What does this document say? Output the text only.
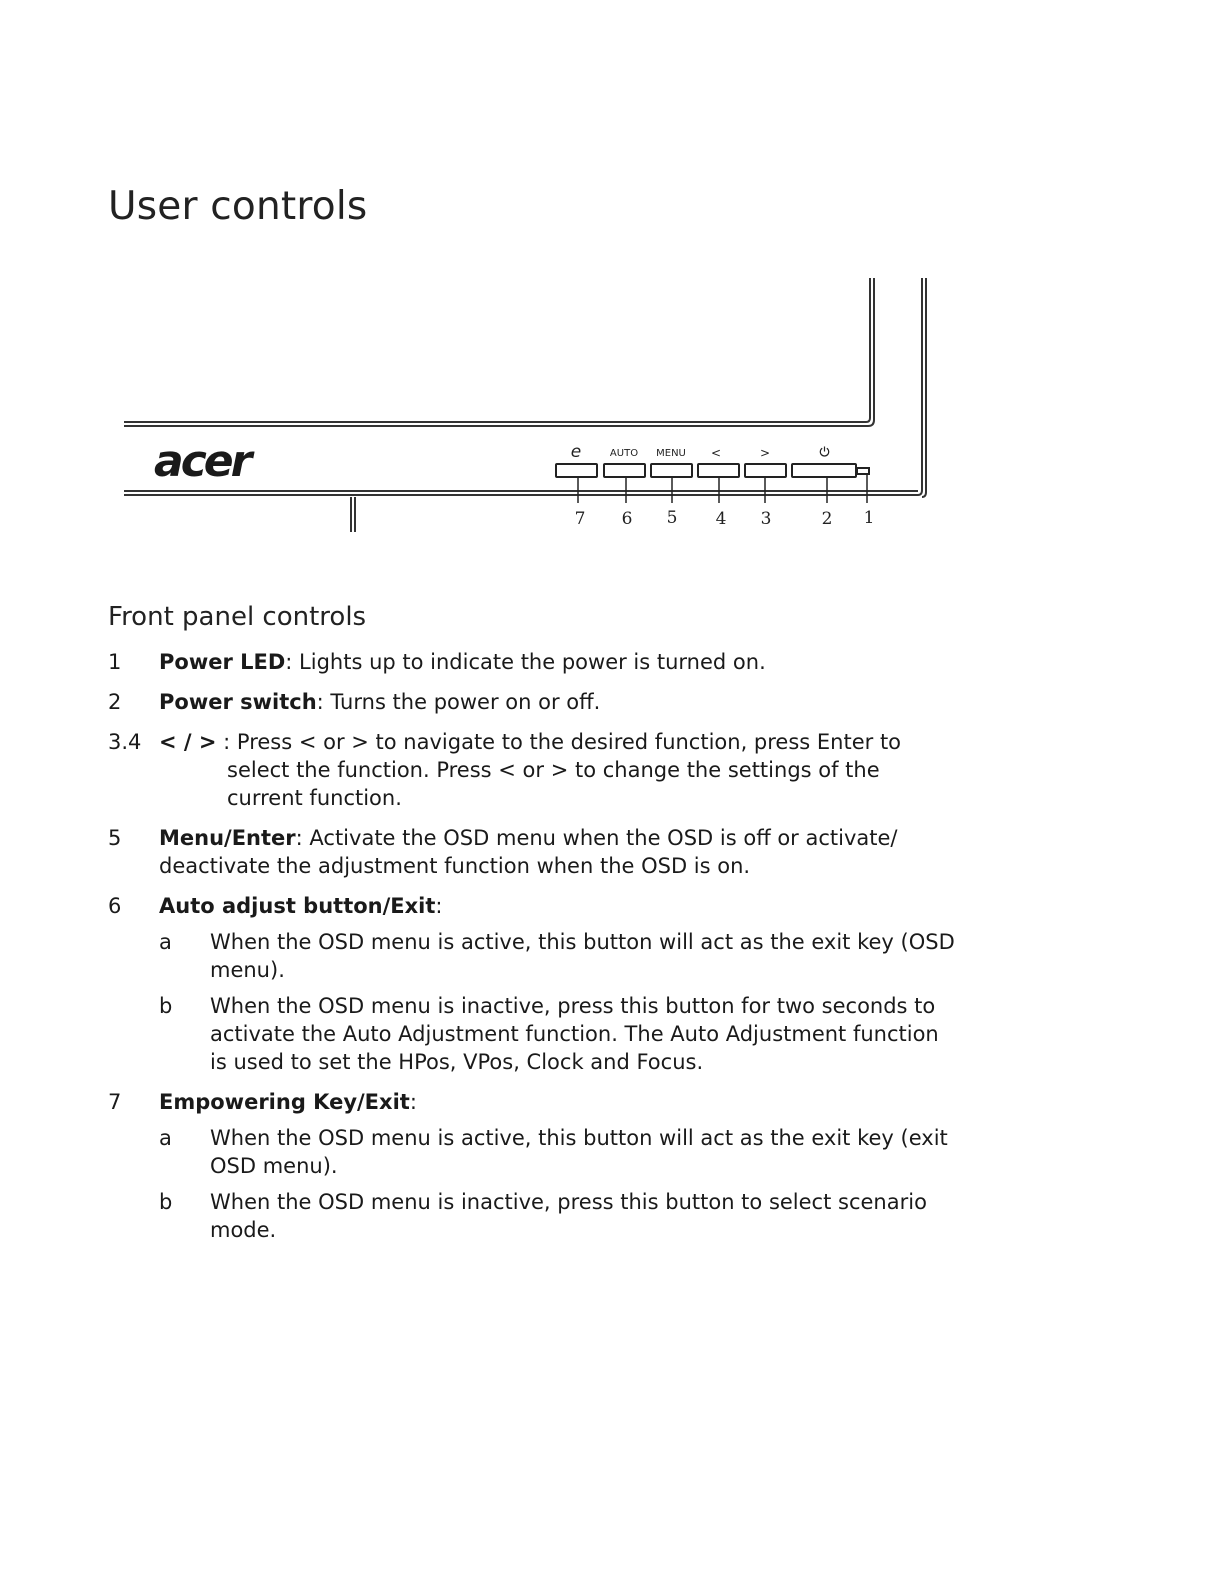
User controls
acer	e	AUTO MENU <	>
7 6 5 4 3	2 1
Front panel controls
1 Power LED: Lights up to indicate the power is turned on.
2 Power switch: Turns the power on or off.
3.4 < / > : Press < or > to navigate to the desired function, press Enter to select the function. Press < or > to change the settings of the current function.
5 Menu/Enter: Activate the OSD menu when the OSD is off or activate/ deactivate the adjustment function when the OSD is on.
6 Auto adjust button/Exit:
a When the OSD menu is active, this button will act as the exit key (OSD menu).
b When the OSD menu is inactive, press this button for two seconds to activate the Auto Adjustment function. The Auto Adjustment function is used to set the HPos, VPos, Clock and Focus.
7 Empowering Key/Exit:
a When the OSD menu is active, this button will act as the exit key (exit OSD menu).
b When the OSD menu is inactive, press this button to select scenario mode.
